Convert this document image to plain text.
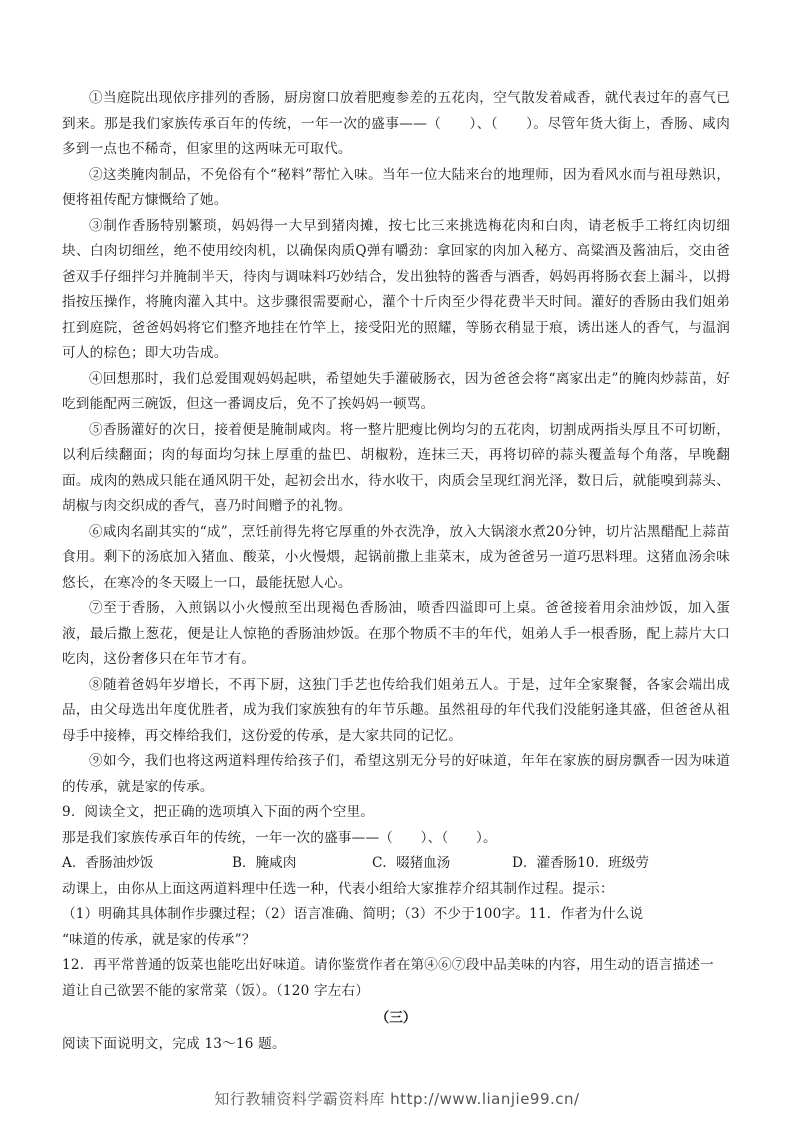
①当庭院出现依序排列的香肠，厨房窗口放着肥瘦参差的五花肉，空气散发着咸香，就代表过年的喜气已到来。那是我们家族传承百年的传统，一年一次的盛事——（　　）、（　　）。尽管年货大街上，香肠、咸肉多到一点也不稀奇，但家里的这两味无可取代。

②这类腌肉制品，不免俗有个“秘料”帮忙入味。当年一位大陆来台的地理师，因为看风水而与祖母熟识，便将祖传配方慷慨给了她。

③制作香肠特别繁琐，妈妈得一大早到猪肉摊，按七比三来挑选梅花肉和白肉，请老板手工将红肉切细块、白肉切细丝，绝不使用绞肉机，以确保肉质Q弹有嚼劲：拿回家的肉加入秘方、高粱酒及酱油后，交由爸爸双手仔细拌匀并腌制半天，待肉与调味料巧妙结合，发出独特的酱香与酒香，妈妈再将肠衣套上漏斗，以拇指按压操作，将腌肉灌入其中。这步骤很需要耐心，灌个十斤肉至少得花费半天时间。灌好的香肠由我们姐弟扛到庭院，爸爸妈妈将它们整齐地挂在竹竿上，接受阳光的照耀，等肠衣稍显于痕，诱出迷人的香气，与温润可人的棕色；即大功告成。

④回想那时，我们总爱围观妈妈起哄，希望她失手灌破肠衣，因为爸爸会将“离家出走”的腌肉炒蒜苗，好吃到能配两三碗饭，但这一番调皮后，免不了挨妈妈一顿骂。

⑤香肠灌好的次日，接着便是腌制咸肉。将一整片肥瘦比例均匀的五花肉，切割成两指头厚且不可切断，以利后续翻面；肉的每面均匀抹上厚重的盐巴、胡椒粉，连抹三天，再将切碎的蒜头覆盖每个角落，早晚翻面。成肉的熟成只能在通风阴干处，起初会出水，待水收干，肉质会呈现红润光泽，数日后，就能嗅到蒜头、胡椒与肉交织成的香气，喜乃时间赠予的礼物。

⑥咸肉名副其实的“成”，烹饪前得先将它厚重的外衣洗净，放入大锅滚水煮20分钟，切片沾黑醋配上蒜苗食用。剩下的汤底加入猪血、酸菜，小火慢煨，起锅前撒上韭菜末，成为爸爸另一道巧思料理。这猪血汤余味悠长，在寒冷的冬天啜上一口，最能抚慰人心。

⑦至于香肠，入煎锅以小火慢煎至出现褐色香肠油，喷香四溢即可上桌。爸爸接着用余油炒饭，加入蛋液，最后撒上葱花，便是让人惊艳的香肠油炒饭。在那个物质不丰的年代，姐弟人手一根香肠，配上蒜片大口吃肉，这份奢侈只在年节才有。

⑧随着爸妈年岁增长，不再下厨，这独门手艺也传给我们姐弟五人。于是，过年全家聚餐，各家会端出成品，由父母选出年度优胜者，成为我们家族独有的年节乐趣。虽然祖母的年代我们没能躬逢其盛，但爸爸从祖母手中接棒，再交棒给我们，这份爱的传承，是大家共同的记忆。

⑨如今，我们也将这两道料理传给孩子们，希望这别无分号的好味道，年年在家族的厨房飘香一因为味道的传承，就是家的传承。

9.  阅读全文，把正确的选项填入下面的两个空里。

那是我们家族传承百年的传统，一年一次的盛事——（　　）、（　　）。

A．香肠油炒饭	B．腌咸肉	C．啜猪血汤	D．灌香肠10．班级劳

动课上，由你从上面这两道料理中任选一种，代表小组给大家推荐介绍其制作过程。提示：

（1）明确其具体制作步骤过程；（2）语言准确、简明；（3）不少于100字。11．作者为什么说

“味道的传承，就是家的传承”？

12.  再平常普通的饭菜也能吃出好味道。请你鉴赏作者在第④⑥⑦段中品美味的内容，用生动的语言描述一

道让自己欲罢不能的家常菜（饭）。（120 字左右）

（三）

阅读下面说明文，完成 13～16 题。

知行教辅资料学霸资料库 http://www.lianjie99.cn/
